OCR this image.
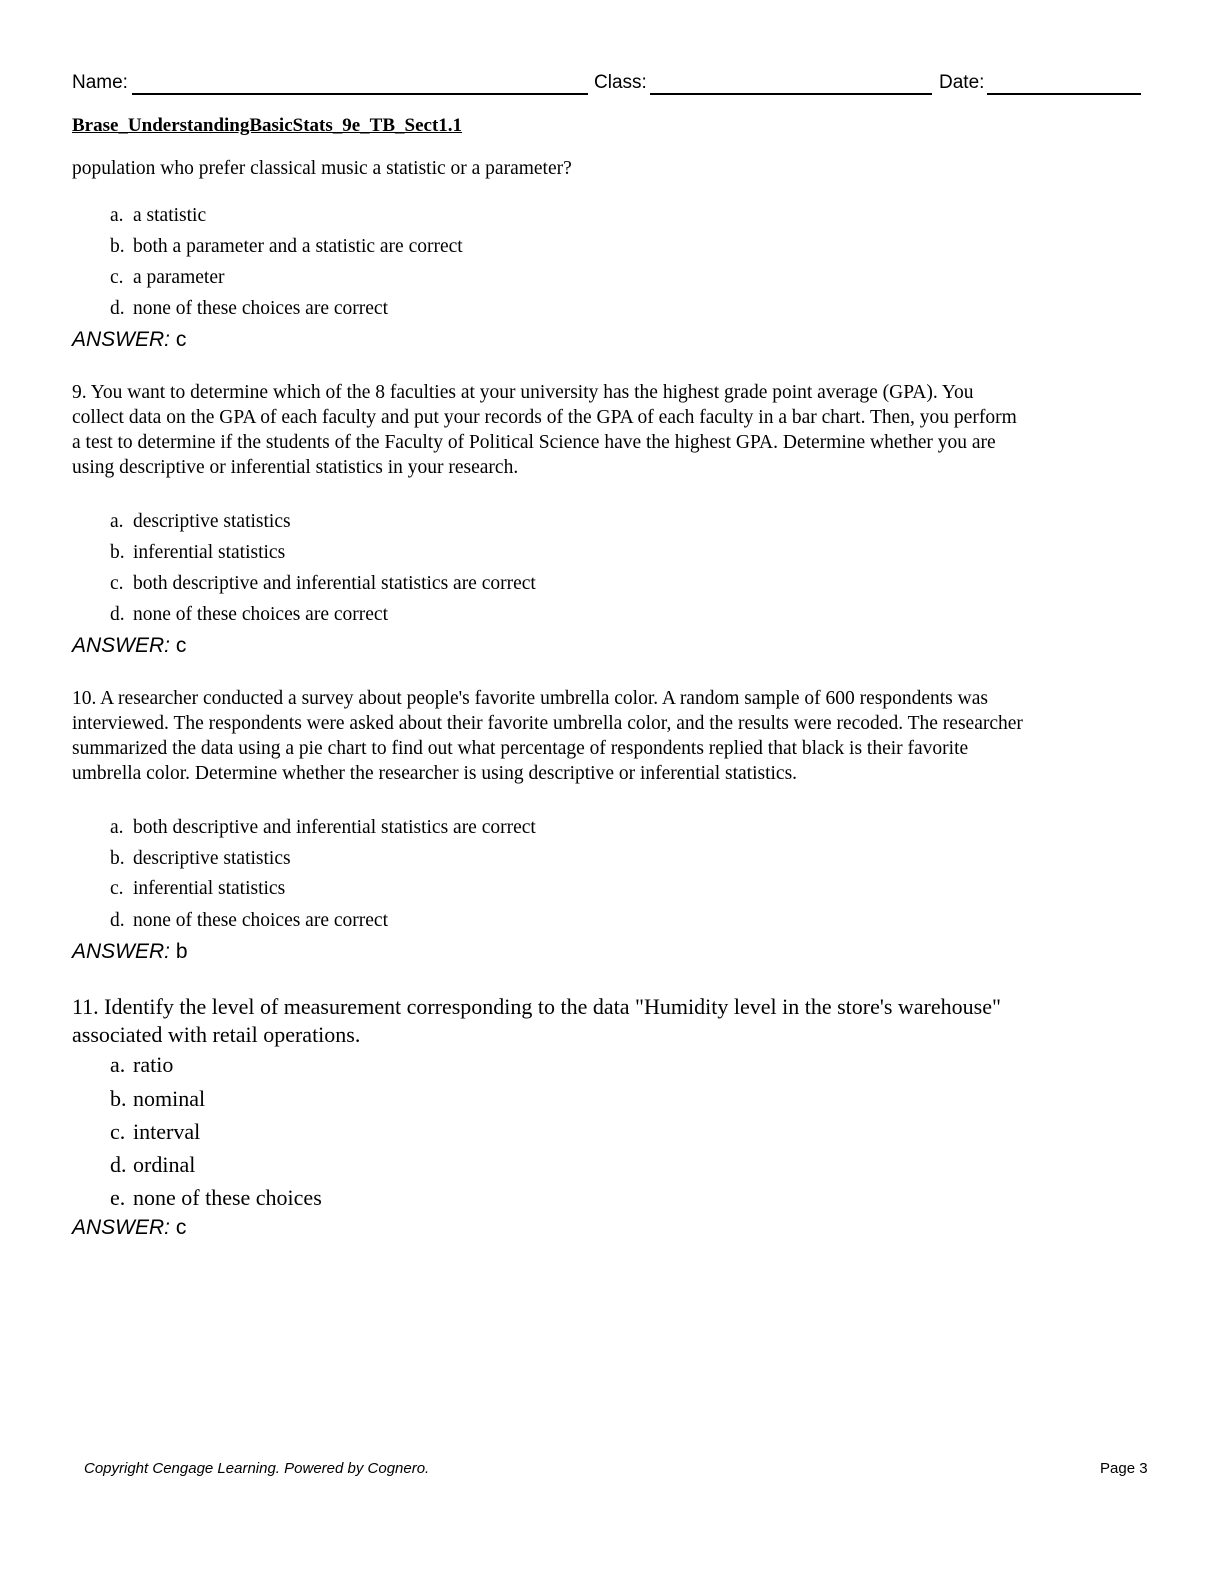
Name:	Class:	Date:
Brase_UnderstandingBasicStats_9e_TB_Sect1.1
population who prefer classical music a statistic or a parameter?
a. a statistic
b. both a parameter and a statistic are correct
c. a parameter
d. none of these choices are correct
ANSWER: c
9. You want to determine which of the 8 faculties at your university has the highest grade point average (GPA). You
collect data on the GPA of each faculty and put your records of the GPA of each faculty in a bar chart. Then, you perform
a test to determine if the students of the Faculty of Political Science have the highest GPA. Determine whether you are
using descriptive or inferential statistics in your research.
a. descriptive statistics
b. inferential statistics
c. both descriptive and inferential statistics are correct
d. none of these choices are correct
ANSWER: c
10. A researcher conducted a survey about people's favorite umbrella color. A random sample of 600 respondents was
interviewed. The respondents were asked about their favorite umbrella color, and the results were recoded. The researcher
summarized the data using a pie chart to find out what percentage of respondents replied that black is their favorite
umbrella color. Determine whether the researcher is using descriptive or inferential statistics.
a. both descriptive and inferential statistics are correct
b. descriptive statistics
c. inferential statistics
d. none of these choices are correct
ANSWER: b
11. Identify the level of measurement corresponding to the data "Humidity level in the store's warehouse"
associated with retail operations.
a. ratio
b. nominal
c. interval
d. ordinal
e. none of these choices
ANSWER: c
Copyright Cengage Learning. Powered by Cognero.	Page 3
